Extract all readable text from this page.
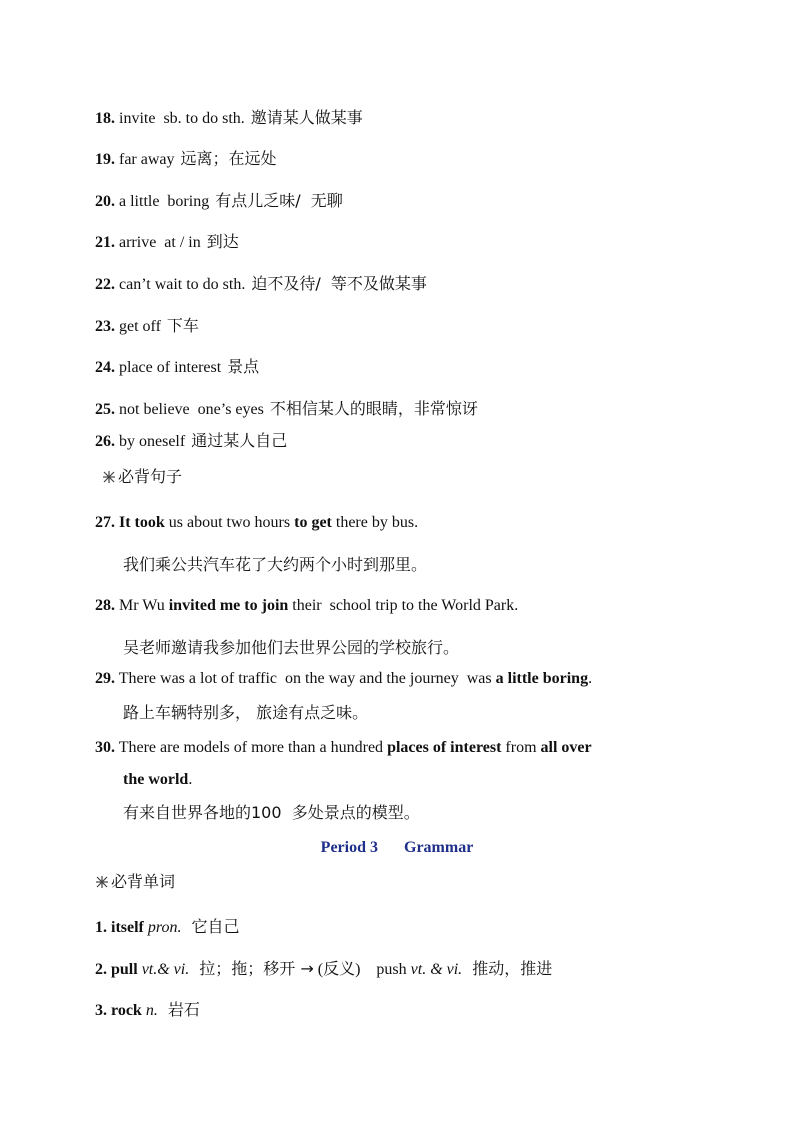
18. invite  sb. to do sth. 邀请某人做某事
19. far away 远离；在远处
20. a little  boring 有点儿乏味/  无聊
21. arrive  at / in 到达
22. can’t wait to do sth. 迫不及待/  等不及做某事
23. get off 下车
24. place of interest 景点
25. not believe  one’s eyes 不相信某人的眼睛，非常惊讶
26. by oneself 通过某人自己
必背句子
27. It took us about two hours to get there by bus.
我们乘公共汽车花了大约两个小时到那里。
28. Mr Wu invited me to join their  school trip to the World Park.
吴老师邀请我参加他们去世界公园的学校旅行。
29. There was a lot of traffic  on the way and the journey  was a little boring.
路上车辆特别多， 旅途有点乏味。
30. There are models of more than a hundred places of interest from all over
the world.
有来自世界各地的100  多处景点的模型。
Period 3 Grammar
必背单词
1. itself pron. 它自己
2. pull vt.& vi. 拉；拖；移开 → (反义) push vt. & vi. 推动，推进
3. rock n. 岩石
